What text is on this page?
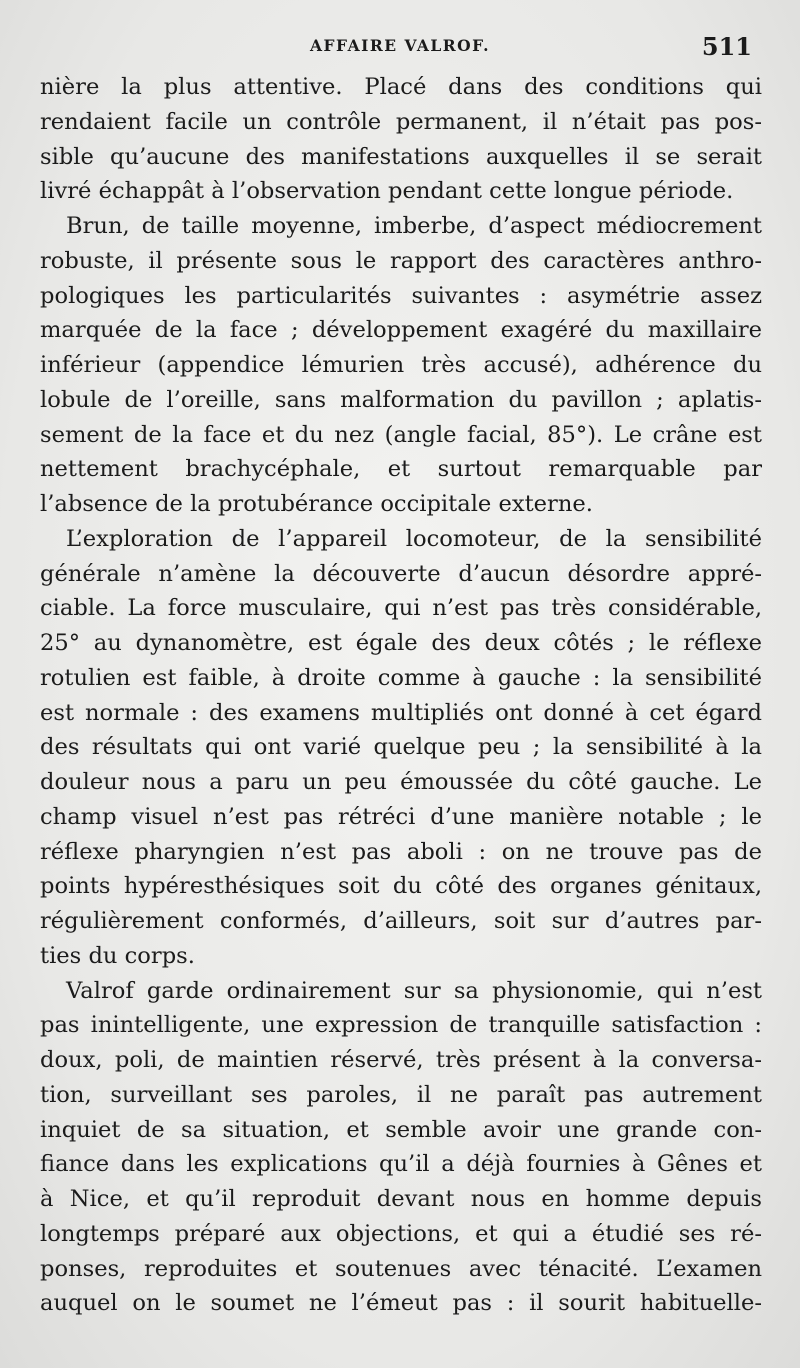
AFFAIRE VALROF.	511
nière la plus attentive. Placé dans des conditions qui
rendaient facile un contrôle permanent, il n’était pas pos-
sible qu’aucune des manifestations auxquelles il se serait
livré échappât à l’observation pendant cette longue période.
Brun, de taille moyenne, imberbe, d’aspect médiocrement
robuste, il présente sous le rapport des caractères anthro-
pologiques les particularités suivantes : asymétrie assez
marquée de la face ; développement exagéré du maxillaire
inférieur (appendice lémurien très accusé), adhérence du
lobule de l’oreille, sans malformation du pavillon ; aplatis-
sement de la face et du nez (angle facial, 85°). Le crâne est
nettement brachycéphale, et surtout remarquable par
l’absence de la protubérance occipitale externe.
L’exploration de l’appareil locomoteur, de la sensibilité
générale n’amène la découverte d’aucun désordre appré-
ciable. La force musculaire, qui n’est pas très considérable,
25° au dynanomètre, est égale des deux côtés ; le réflexe
rotulien est faible, à droite comme à gauche : la sensibilité
est normale : des examens multipliés ont donné à cet égard
des résultats qui ont varié quelque peu ; la sensibilité à la
douleur nous a paru un peu émoussée du côté gauche. Le
champ visuel n’est pas rétréci d’une manière notable ; le
réflexe pharyngien n’est pas aboli : on ne trouve pas de
points hypéresthésiques soit du côté des organes génitaux,
régulièrement conformés, d’ailleurs, soit sur d’autres par-
ties du corps.
Valrof garde ordinairement sur sa physionomie, qui n’est
pas inintelligente, une expression de tranquille satisfaction :
doux, poli, de maintien réservé, très présent à la conversa-
tion, surveillant ses paroles, il ne paraît pas autrement
inquiet de sa situation, et semble avoir une grande con-
fiance dans les explications qu’il a déjà fournies à Gênes et
à Nice, et qu’il reproduit devant nous en homme depuis
longtemps préparé aux objections, et qui a étudié ses ré-
ponses, reproduites et soutenues avec ténacité. L’examen
auquel on le soumet ne l’émeut pas : il sourit habituelle-
